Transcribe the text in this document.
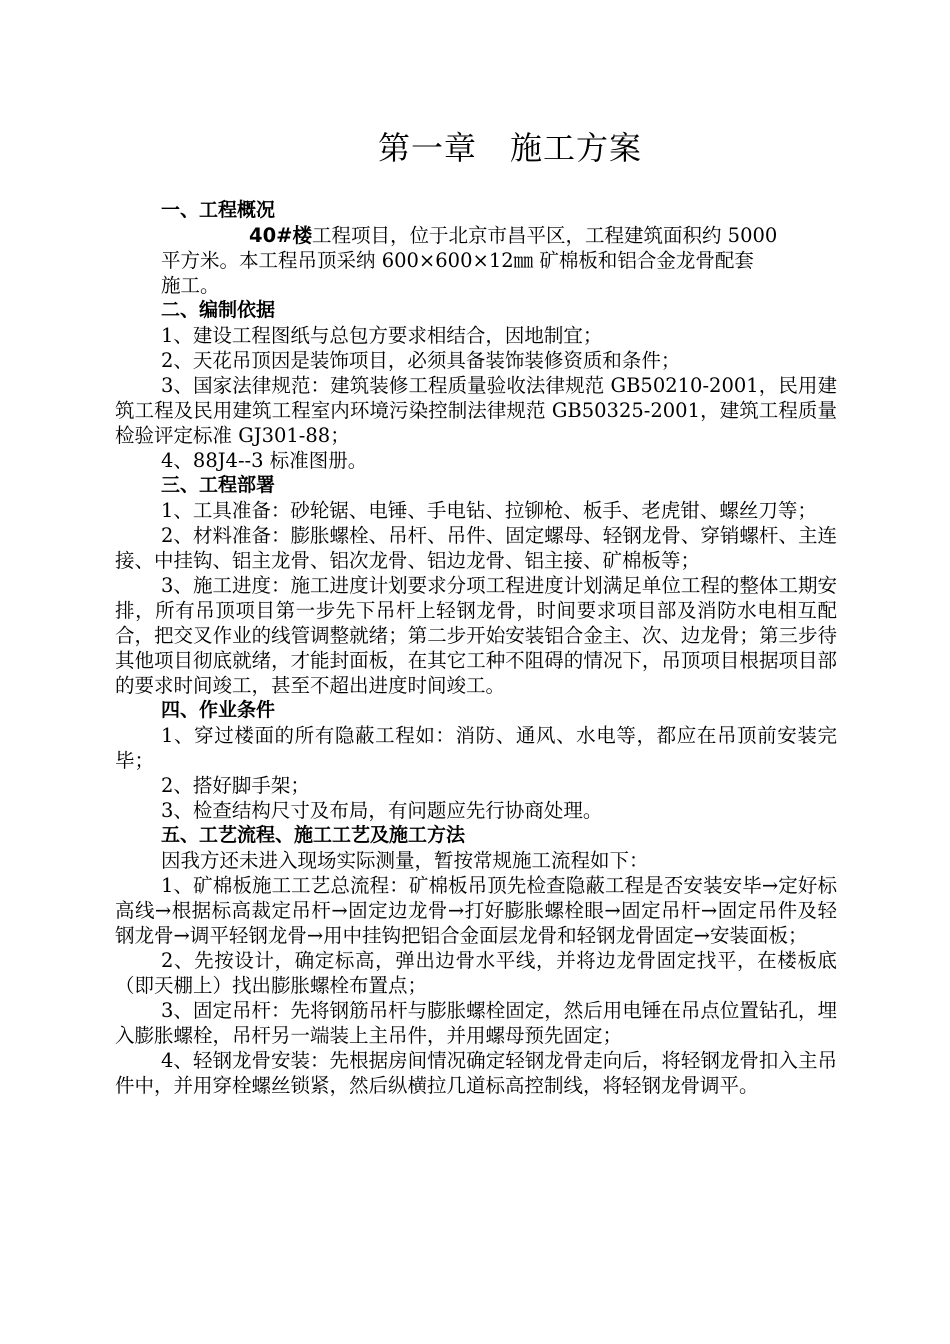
第一章　施工方案

一、工程概况

40#楼工程项目，位于北京市昌平区，工程建筑面积约 5000

平方米。本工程吊顶采纳 600×600×12㎜ 矿棉板和铝合金龙骨配套

施工。

二、编制依据

1、建设工程图纸与总包方要求相结合，因地制宜；

2、天花吊顶因是装饰项目，必须具备装饰装修资质和条件；

3、国家法律规范：建筑装修工程质量验收法律规范 GB50210-2001，民用建筑工程及民用建筑工程室内环境污染控制法律规范 GB50325-2001，建筑工程质量检验评定标准 GJ301-88；

4、88J4--3 标准图册。

三、工程部署

1、工具准备：砂轮锯、电锤、手电钻、拉铆枪、板手、老虎钳、螺丝刀等；

2、材料准备：膨胀螺栓、吊杆、吊件、固定螺母、轻钢龙骨、穿销螺杆、主连接、中挂钩、铝主龙骨、铝次龙骨、铝边龙骨、铝主接、矿棉板等；

3、施工进度：施工进度计划要求分项工程进度计划满足单位工程的整体工期安排，所有吊顶项目第一步先下吊杆上轻钢龙骨，时间要求项目部及消防水电相互配合，把交叉作业的线管调整就绪；第二步开始安装铝合金主、次、边龙骨；第三步待其他项目彻底就绪，才能封面板，在其它工种不阻碍的情况下，吊顶项目根据项目部的要求时间竣工，甚至不超出进度时间竣工。

四、作业条件

1、穿过楼面的所有隐蔽工程如：消防、通风、水电等，都应在吊顶前安装完毕；

2、搭好脚手架；

3、检查结构尺寸及布局，有问题应先行协商处理。

五、工艺流程、施工工艺及施工方法

因我方还未进入现场实际测量，暂按常规施工流程如下：

1、矿棉板施工工艺总流程：矿棉板吊顶先检查隐蔽工程是否安装安毕→定好标高线→根据标高裁定吊杆→固定边龙骨→打好膨胀螺栓眼→固定吊杆→固定吊件及轻钢龙骨→调平轻钢龙骨→用中挂钩把铝合金面层龙骨和轻钢龙骨固定→安装面板；

2、先按设计，确定标高，弹出边骨水平线，并将边龙骨固定找平，在楼板底（即天棚上）找出膨胀螺栓布置点；

3、固定吊杆：先将钢筋吊杆与膨胀螺栓固定，然后用电锤在吊点位置钻孔，埋入膨胀螺栓，吊杆另一端装上主吊件，并用螺母预先固定；

4、轻钢龙骨安装：先根据房间情况确定轻钢龙骨走向后，将轻钢龙骨扣入主吊件中，并用穿栓螺丝锁紧，然后纵横拉几道标高控制线，将轻钢龙骨调平。
